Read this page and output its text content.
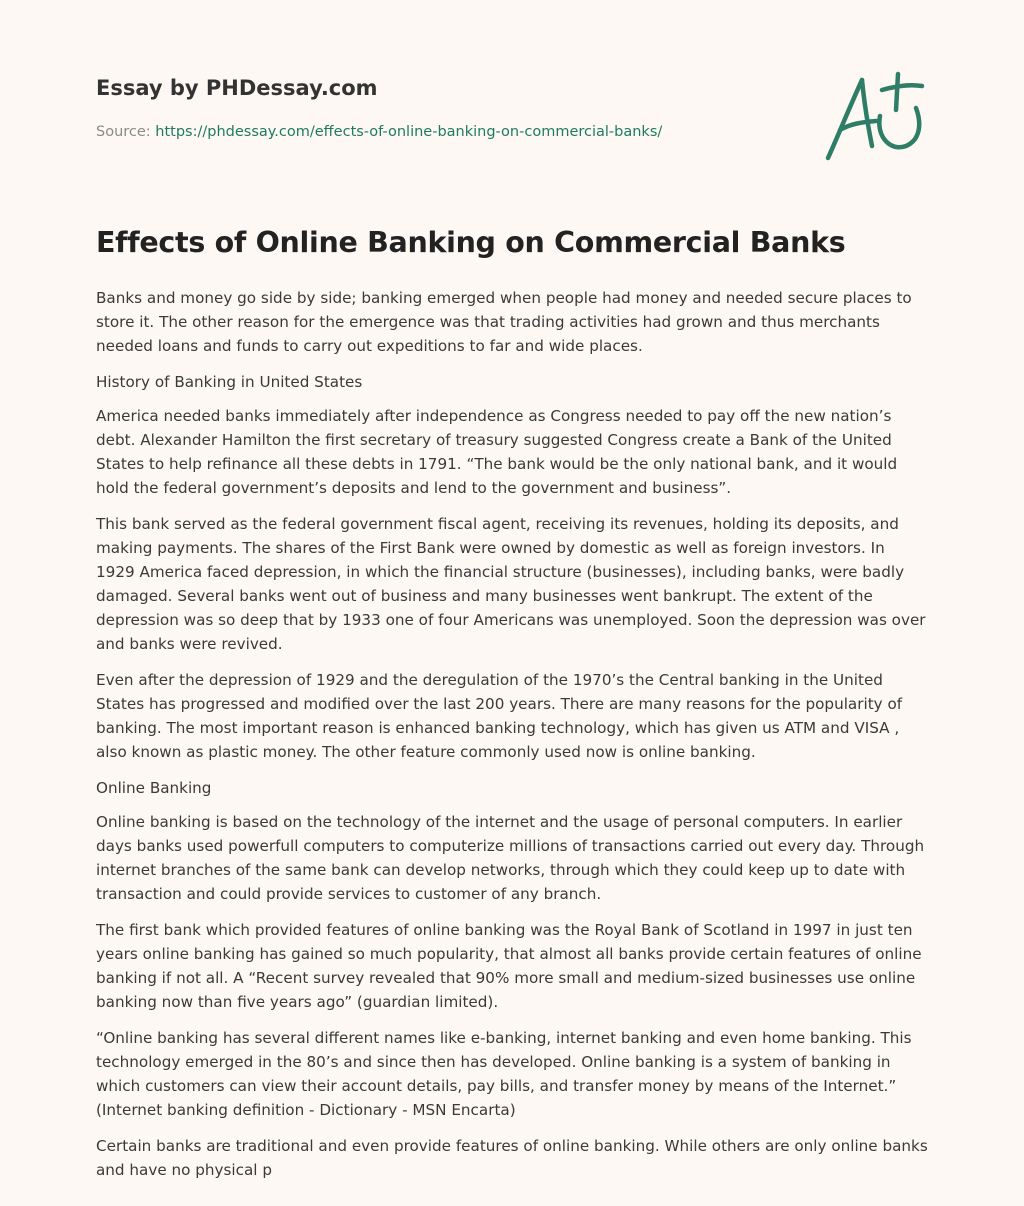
Essay by PHDessay.com

Source: https://phdessay.com/effects-of-online-banking-on-commercial-banks/

Effects of Online Banking on Commercial Banks

Banks and money go side by side; banking emerged when people had money and needed secure places to store it. The other reason for the emergence was that trading activities had grown and thus merchants needed loans and funds to carry out expeditions to far and wide places.

History of Banking in United States

America needed banks immediately after independence as Congress needed to pay off the new nation’s debt. Alexander Hamilton the first secretary of treasury suggested Congress create a Bank of the United States to help refinance all these debts in 1791. “The bank would be the only national bank, and it would hold the federal government’s deposits and lend to the government and business”.

This bank served as the federal government fiscal agent, receiving its revenues, holding its deposits, and making payments. The shares of the First Bank were owned by domestic as well as foreign investors. In 1929 America faced depression, in which the financial structure (businesses), including banks, were badly damaged. Several banks went out of business and many businesses went bankrupt. The extent of the depression was so deep that by 1933 one of four Americans was unemployed. Soon the depression was over and banks were revived.

Even after the depression of 1929 and the deregulation of the 1970’s the Central banking in the United States has progressed and modified over the last 200 years. There are many reasons for the popularity of banking. The most important reason is enhanced banking technology, which has given us ATM and VISA , also known as plastic money. The other feature commonly used now is online banking.

Online Banking

Online banking is based on the technology of the internet and the usage of personal computers. In earlier days banks used powerfull computers to computerize millions of transactions carried out every day. Through internet branches of the same bank can develop networks, through which they could keep up to date with transaction and could provide services to customer of any branch.

The first bank which provided features of online banking was the Royal Bank of Scotland in 1997 in just ten years online banking has gained so much popularity, that almost all banks provide certain features of online banking if not all. A “Recent survey revealed that 90% more small and medium-sized businesses use online banking now than five years ago” (guardian limited).

“Online banking has several different names like e-banking, internet banking and even home banking. This technology emerged in the 80’s and since then has developed. Online banking is a system of banking in which customers can view their account details, pay bills, and transfer money by means of the Internet.” (Internet banking definition - Dictionary - MSN Encarta)

Certain banks are traditional and even provide features of online banking. While others are only online banks and have no physical p
